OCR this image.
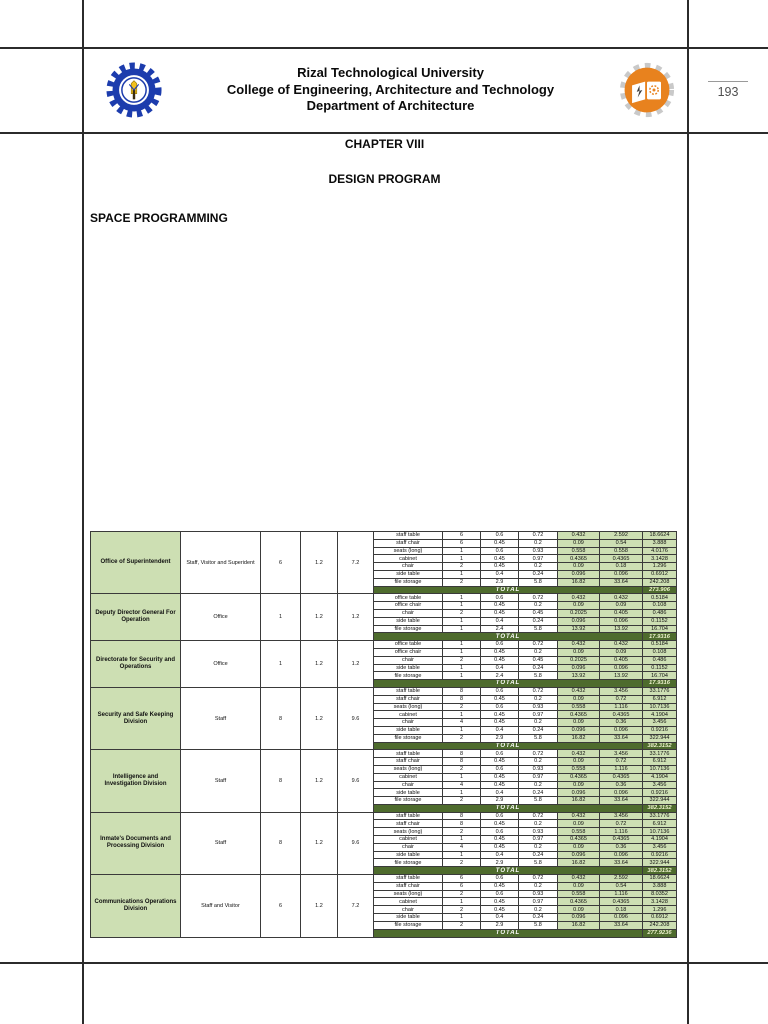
Rizal Technological University
College of Engineering, Architecture and Technology
Department of Architecture
193
CHAPTER VIII
DESIGN PROGRAM
SPACE PROGRAMMING
Office of Superintendent	Staff, Visitor and Superident	6	1.2	7.2	staff table	6	0.6	0.72	0.432	2.592	18.6624
					staff chair	6	0.45	0.2	0.09	0.54	3.888
					seats (long)	1	0.6	0.93	0.558	0.558	4.0176
					cabinet	1	0.45	0.97	0.4365	0.4365	3.1428
					chair	2	0.45	0.2	0.09	0.18	1.296
					side table	1	0.4	0.24	0.096	0.096	0.6912
					file storage	2	2.9	5.8	16.82	33.64	242.208
					TOTAL						273.906
Deputy Director General For Operation	Office	1	1.2	1.2	office table	1	0.6	0.72	0.432	0.432	0.5184
					office chair	1	0.45	0.2	0.09	0.09	0.108
					chair	2	0.45	0.45	0.2025	0.405	0.486
					side table	1	0.4	0.24	0.096	0.096	0.1152
					file storage	1	2.4	5.8	13.92	13.92	16.704
					TOTAL						17.9316
Directorate for Security and Operations	Office	1	1.2	1.2	office table	1	0.6	0.72	0.432	0.432	0.5184
					office chair	1	0.45	0.2	0.09	0.09	0.108
					chair	2	0.45	0.45	0.2025	0.405	0.486
					side table	1	0.4	0.24	0.096	0.096	0.1152
					file storage	1	2.4	5.8	13.92	13.92	16.704
					TOTAL						17.9316
Security and Safe Keeping Division	Staff	8	1.2	9.6	staff table	8	0.6	0.72	0.432	3.456	33.1776
					staff chair	8	0.45	0.2	0.09	0.72	6.912
					seats (long)	2	0.6	0.93	0.558	1.116	10.7136
					cabinet	1	0.45	0.97	0.4365	0.4365	4.1904
					chair	4	0.45	0.2	0.09	0.36	3.456
					side table	1	0.4	0.24	0.096	0.096	0.9216
					file storage	2	2.9	5.8	16.82	33.64	322.944
					TOTAL						382.3152
Intelligence and Investigation Division	Staff	8	1.2	9.6	staff table	8	0.6	0.72	0.432	3.456	33.1776
					staff chair	8	0.45	0.2	0.09	0.72	6.912
					seats (long)	2	0.6	0.93	0.558	1.116	10.7136
					cabinet	1	0.45	0.97	0.4365	0.4365	4.1904
					chair	4	0.45	0.2	0.09	0.36	3.456
					side table	1	0.4	0.24	0.096	0.096	0.9216
					file storage	2	2.9	5.8	16.82	33.64	322.944
					TOTAL						382.3152
Inmate's Documents and Processing Division	Staff	8	1.2	9.6	staff table	8	0.6	0.72	0.432	3.456	33.1776
					staff chair	8	0.45	0.2	0.09	0.72	6.912
					seats (long)	2	0.6	0.93	0.558	1.116	10.7136
					cabinet	1	0.45	0.97	0.4365	0.4365	4.1904
					chair	4	0.45	0.2	0.09	0.36	3.456
					side table	1	0.4	0.24	0.096	0.096	0.9216
					file storage	2	2.9	5.8	16.82	33.64	322.944
					TOTAL						382.3152
Communications Operations Division	Staff and Visitor	6	1.2	7.2	staff table	6	0.6	0.72	0.432	2.592	18.6624
					staff chair	6	0.45	0.2	0.09	0.54	3.888
					seats (long)	2	0.6	0.93	0.558	1.116	8.0352
					cabinet	1	0.45	0.97	0.4365	0.4365	3.1428
					chair	2	0.45	0.2	0.09	0.18	1.296
					side table	1	0.4	0.24	0.096	0.096	0.6912
					file storage	2	2.9	5.8	16.82	33.64	242.208
					TOTAL						277.9236
